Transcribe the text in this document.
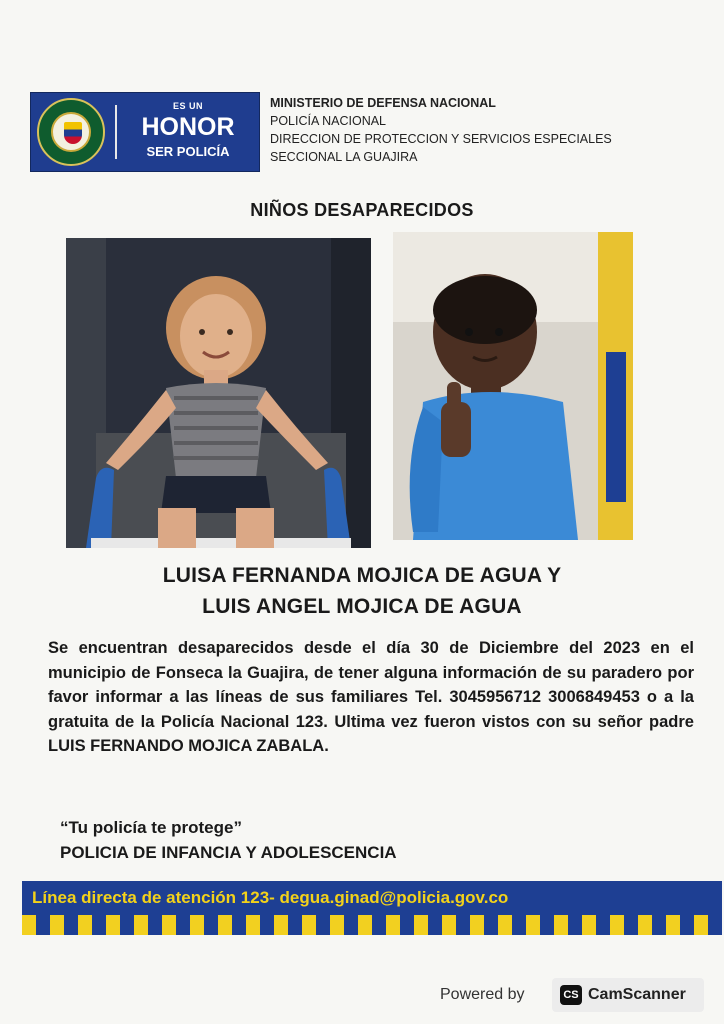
ES UN
HONOR
SER POLICÍA
MINISTERIO DE DEFENSA NACIONAL
POLICÍA NACIONAL
DIRECCION DE PROTECCION Y SERVICIOS ESPECIALES
SECCIONAL LA GUAJIRA
NIÑOS DESAPARECIDOS
LUISA FERNANDA MOJICA DE AGUA Y
LUIS ANGEL MOJICA DE AGUA
Se encuentran desaparecidos desde el día 30 de Diciembre del 2023 en el municipio de Fonseca la Guajira, de tener alguna información de su paradero por favor informar a las líneas de sus familiares Tel. 3045956712 3006849453 o a la gratuita de la Policía Nacional 123. Ultima vez fueron vistos con su señor padre LUIS FERNANDO MOJICA ZABALA.
“Tu policía te protege”
POLICIA DE INFANCIA Y ADOLESCENCIA
Línea directa de atención 123- degua.ginad@policia.gov.co
Powered by	CS CamScanner
